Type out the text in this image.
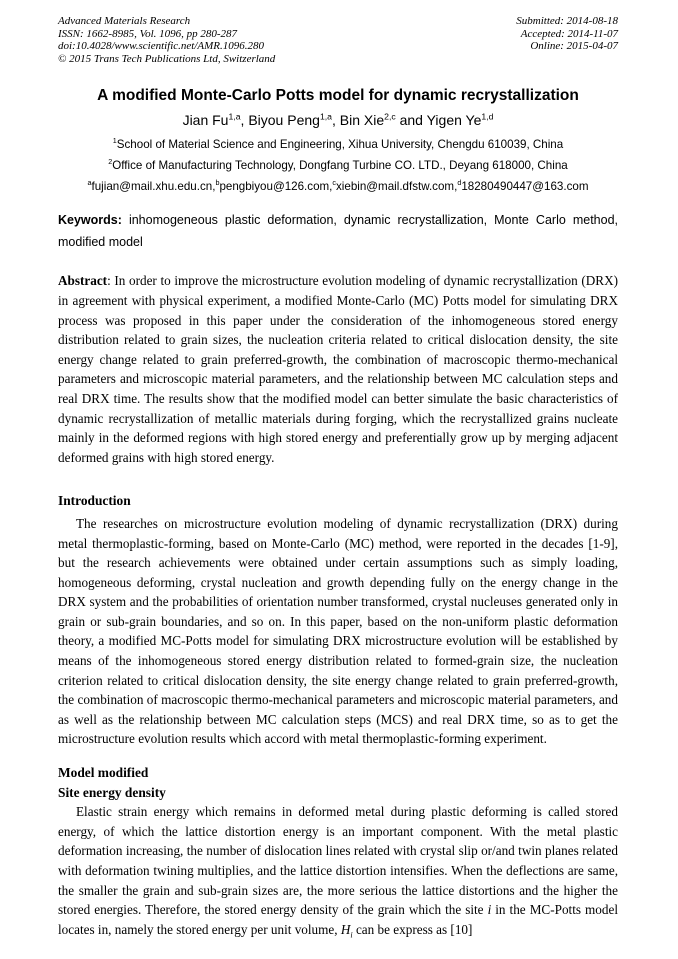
Advanced Materials Research
ISSN: 1662-8985, Vol. 1096, pp 280-287
doi:10.4028/www.scientific.net/AMR.1096.280
© 2015 Trans Tech Publications Ltd, Switzerland
Submitted: 2014-08-18
Accepted: 2014-11-07
Online: 2015-04-07
A modified Monte-Carlo Potts model for dynamic recrystallization
Jian Fu$^{1,a}$, Biyou Peng$^{1,a}$, Bin Xie$^{2,c}$ and Yigen Ye$^{1,d}$
$^1$School of Material Science and Engineering, Xihua University, Chengdu 610039, China
$^2$Office of Manufacturing Technology, Dongfang Turbine CO. LTD., Deyang 618000, China
$^a$fujian@mail.xhu.edu.cn,$^b$pengbiyou@126.com,$^c$xiebin@mail.dfstw.com,$^d$18280490447@163.com

Keywords: inhomogeneous plastic deformation, dynamic recrystallization, Monte Carlo method, modified model

Abstract: In order to improve the microstructure evolution modeling of dynamic recrystallization (DRX) in agreement with physical experiment, a modified Monte-Carlo (MC) Potts model for simulating DRX process was proposed in this paper under the consideration of the inhomogeneous stored energy distribution related to grain sizes, the nucleation criteria related to critical dislocation density, the site energy change related to grain preferred-growth, the combination of macroscopic thermo-mechanical parameters and microscopic material parameters, and the relationship between MC calculation steps and real DRX time. The results show that the modified model can better simulate the basic characteristics of dynamic recrystallization of metallic materials during forging, which the recrystallized grains nucleate mainly in the deformed regions with high stored energy and preferentially grow up by merging adjacent deformed grains with high stored energy.

Introduction

The researches on microstructure evolution modeling of dynamic recrystallization (DRX) during metal thermoplastic-forming, based on Monte-Carlo (MC) method, were reported in the decades [1-9], but the research achievements were obtained under certain assumptions such as simply loading, homogeneous deforming, crystal nucleation and growth depending fully on the energy change in the DRX system and the probabilities of orientation number transformed, crystal nucleuses generated only in grain or sub-grain boundaries, and so on. In this paper, based on the non-uniform plastic deformation theory, a modified MC-Potts model for simulating DRX microstructure evolution will be established by means of the inhomogeneous stored energy distribution related to formed-grain size, the nucleation criterion related to critical dislocation density, the site energy change related to grain preferred-growth, the combination of macroscopic thermo-mechanical parameters and microscopic material parameters, and as well as the relationship between MC calculation steps (MCS) and real DRX time, so as to get the microstructure evolution results which accord with metal thermoplastic-forming experiment.

Model modified
Site energy density

Elastic strain energy which remains in deformed metal during plastic deforming is called stored energy, of which the lattice distortion energy is an important component. With the metal plastic deformation increasing, the number of dislocation lines related with crystal slip or/and twin planes related with deformation twining multiplies, and the lattice distortion intensifies. When the deflections are same, the smaller the grain and sub-grain sizes are, the more serious the lattice distortions and the higher the stored energies. Therefore, the stored energy density of the grain which the site i in the MC-Potts model locates in, namely the stored energy per unit volume, $H_i$ can be express as [10]
